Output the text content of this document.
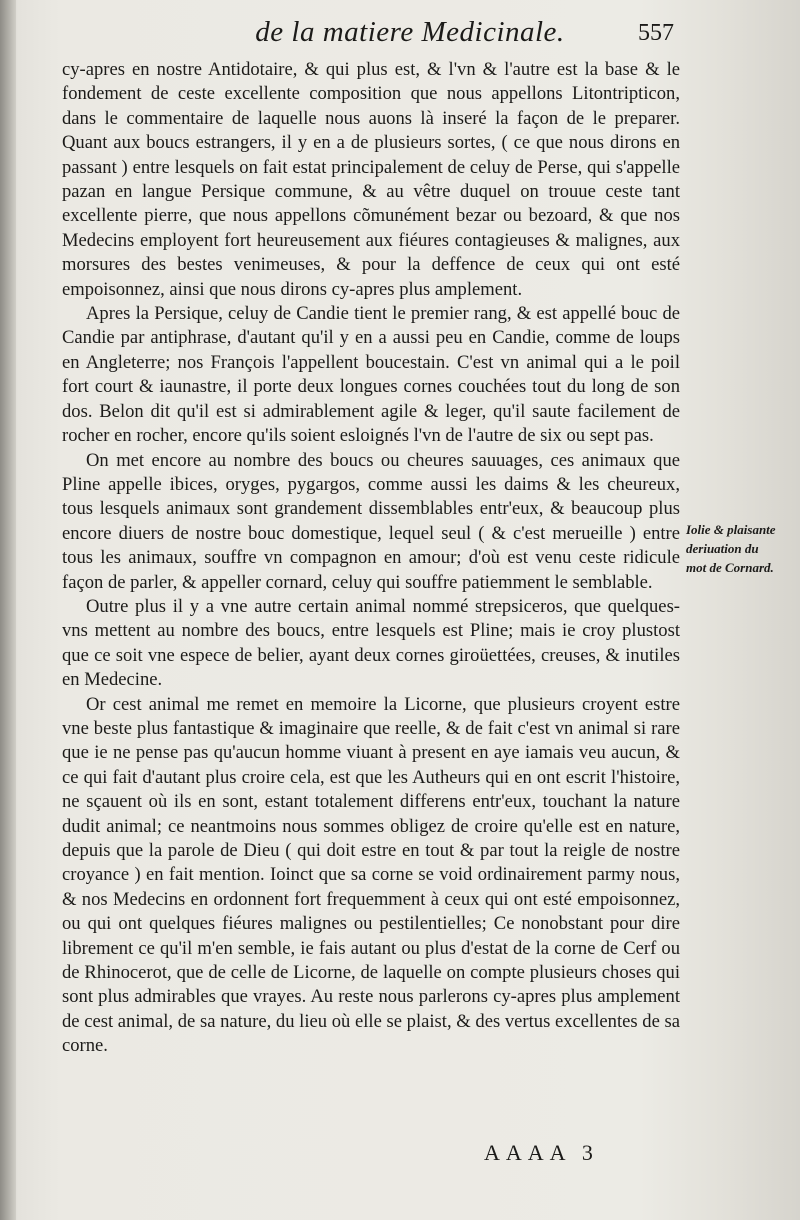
de la matiere Medicinale.	557

cy-apres en nostre Antidotaire, & qui plus est, & l'vn & l'autre est la base & le fondement de ceste excellente composition que nous appellons Litontripticon, dans le commentaire de laquelle nous auons là inseré la façon de le preparer. Quant aux boucs estrangers, il y en a de plusieurs sortes, ( ce que nous dirons en passant ) entre lesquels on fait estat principalement de celuy de Perse, qui s'appelle pazan en langue Persique commune, & au vêtre duquel on trouue ceste tant excellente pierre, que nous appellons cõmunément bezar ou bezoard, & que nos Medecins employent fort heureusement aux fiéures contagieuses & malignes, aux morsures des bestes venimeuses, & pour la deffence de ceux qui ont esté empoisonnez, ainsi que nous dirons cy-apres plus amplement.

Apres la Persique, celuy de Candie tient le premier rang, & est appellé bouc de Candie par antiphrase, d'autant qu'il y en a aussi peu en Candie, comme de loups en Angleterre; nos François l'appellent boucestain. C'est vn animal qui a le poil fort court & iaunastre, il porte deux longues cornes couchées tout du long de son dos. Belon dit qu'il est si admirablement agile & leger, qu'il saute facilement de rocher en rocher, encore qu'ils soient esloignés l'vn de l'autre de six ou sept pas.

On met encore au nombre des boucs ou cheures sauuages, ces animaux que Pline appelle ibices, oryges, pygargos, comme aussi les daims & les cheureux, tous lesquels animaux sont grandement dissemblables entr'eux, & beaucoup plus encore diuers de nostre bouc domestique, lequel seul ( & c'est merueille ) entre tous les animaux, souffre vn compagnon en amour; d'où est venu ceste ridicule façon de parler, & appeller cornard, celuy qui souffre patiemment le semblable.

Outre plus il y a vne autre certain animal nommé strepsiceros, que quelques-vns mettent au nombre des boucs, entre lesquels est Pline; mais ie croy plustost que ce soit vne espece de belier, ayant deux cornes giroüettées, creuses, & inutiles en Medecine.

Or cest animal me remet en memoire la Licorne, que plusieurs croyent estre vne beste plus fantastique & imaginaire que reelle, & de fait c'est vn animal si rare que ie ne pense pas qu'aucun homme viuant à present en aye iamais veu aucun, & ce qui fait d'autant plus croire cela, est que les Autheurs qui en ont escrit l'histoire, ne sçauent où ils en sont, estant totalement differens entr'eux, touchant la nature dudit animal; ce neantmoins nous sommes obligez de croire qu'elle est en nature, depuis que la parole de Dieu ( qui doit estre en tout & par tout la reigle de nostre croyance ) en fait mention. Ioinct que sa corne se void ordinairement parmy nous, & nos Medecins en ordonnent fort frequemment à ceux qui ont esté empoisonnez, ou qui ont quelques fiéures malignes ou pestilentielles; Ce nonobstant pour dire librement ce qu'il m'en semble, ie fais autant ou plus d'estat de la corne de Cerf ou de Rhinocerot, que de celle de Licorne, de laquelle on compte plusieurs choses qui sont plus admirables que vrayes. Au reste nous parlerons cy-apres plus amplement de cest animal, de sa nature, du lieu où elle se plaist, & des vertus excellentes de sa corne.

Iolie & plaisante deriuation du mot de Cornard.
AAAA 3
